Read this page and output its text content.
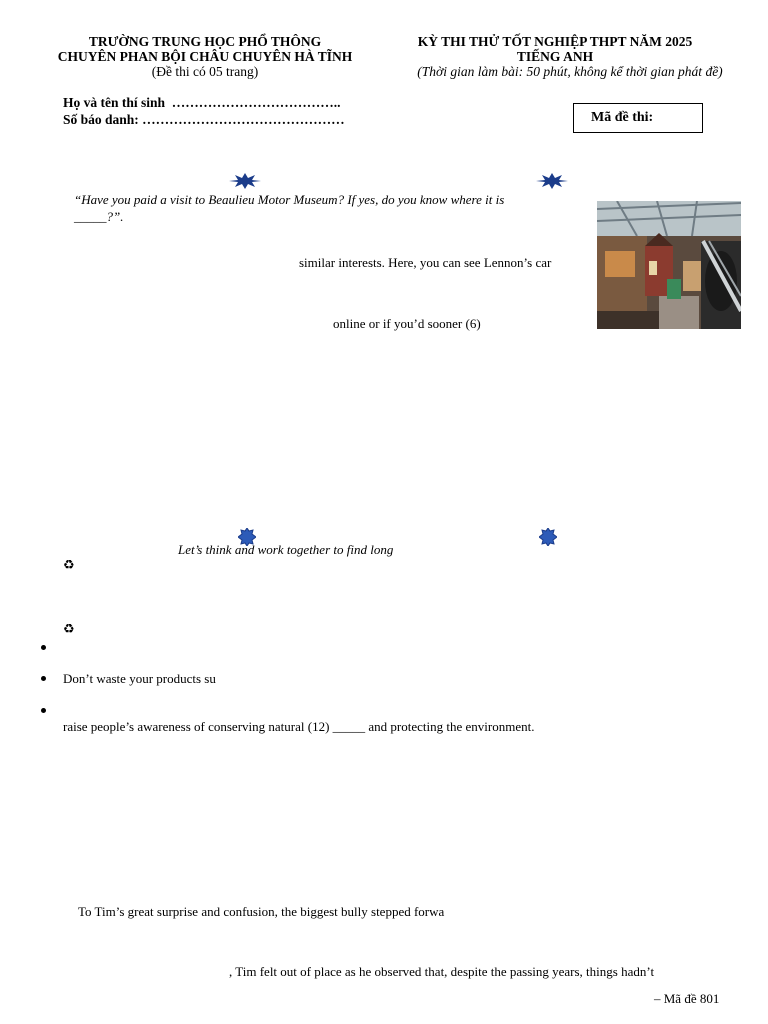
TRƯỜNG TRUNG HỌC PHỔ THÔNG
CHUYÊN PHAN BỘI CHÂU CHUYÊN HÀ TĨNH
(Đề thi có 05 trang)
KỲ THI THỬ TỐT NGHIỆP THPT NĂM 2025
TIẾNG ANH
(Thời gian làm bài: 50 phút, không kể thời gian phát đề)
Họ và tên thí sinh ………………………………..
Số báo danh: ………………………………………	Mã đề thi:
“Have you paid a visit to Beaulieu Motor Museum? If yes, do you know where it is
_____?”.
similar interests. Here, you can see Lennon’s car
online or if you’d sooner (6)
Let’s think and work together to find long
♻
♻
Don’t waste your products su
raise people’s awareness of conserving natural (12) _____ and protecting the environment.
To Tim’s great surprise and confusion, the biggest bully stepped forwa
, Tim felt out of place as he observed that, despite the passing years, things hadn’t
– Mã đề 801
